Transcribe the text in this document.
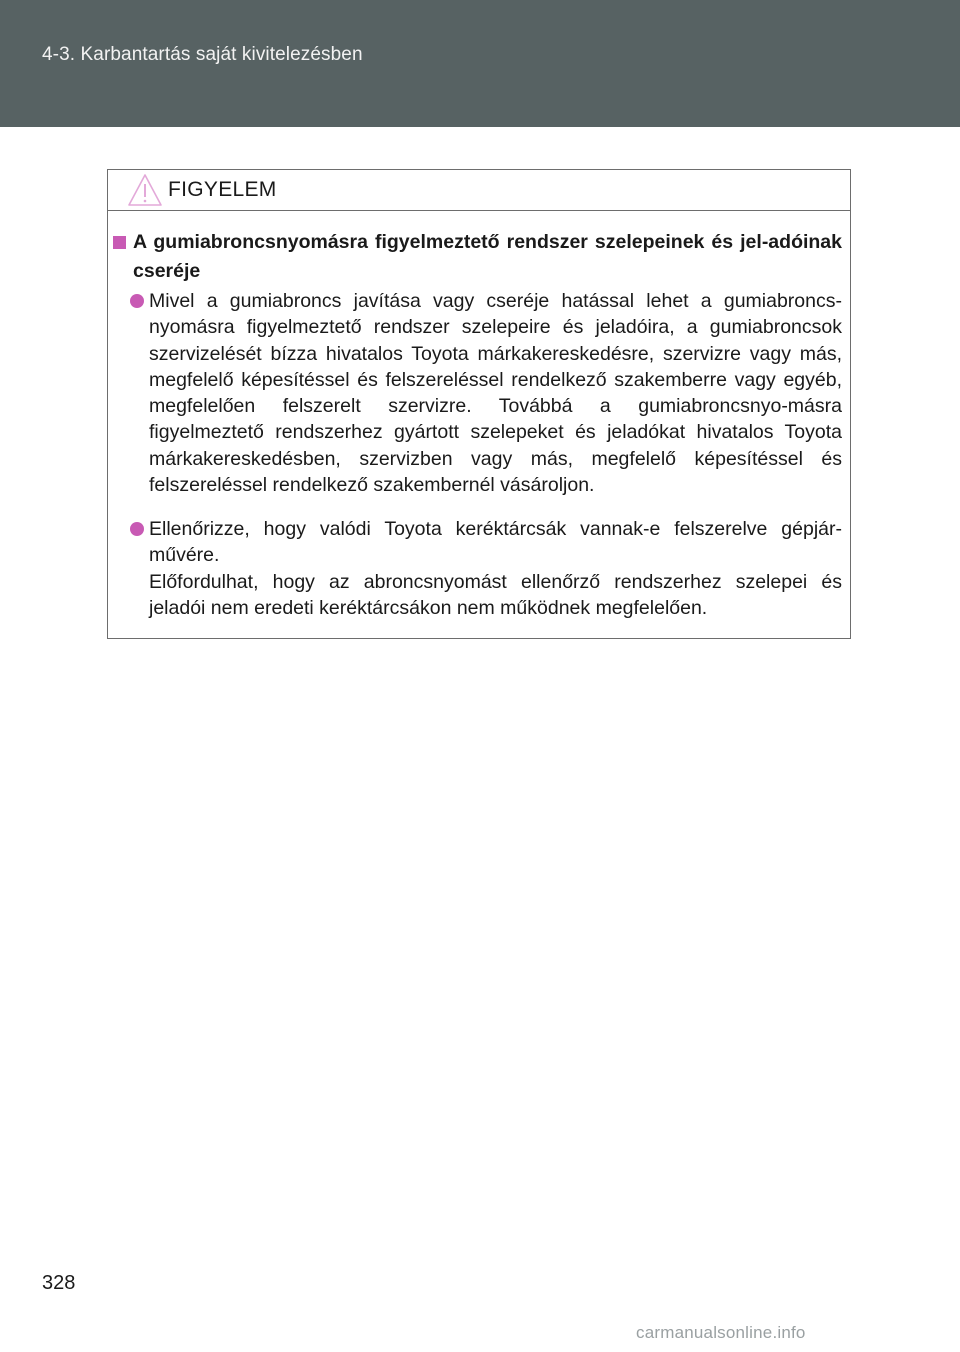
4-3. Karbantartás saját kivitelezésben
FIGYELEM
A gumiabroncsnyomásra figyelmeztető rendszer szelepeinek és jel-adóinak cseréje
Mivel a gumiabroncs javítása vagy cseréje hatással lehet a gumiabroncs-nyomásra figyelmeztető rendszer szelepeire és jeladóira, a gumiabroncsok szervizelését bízza hivatalos Toyota márkakereskedésre, szervizre vagy más, megfelelő képesítéssel és felszereléssel rendelkező szakemberre vagy egyéb, megfelelően felszerelt szervizre. Továbbá a gumiabroncsnyo-másra figyelmeztető rendszerhez gyártott szelepeket és jeladókat hivatalos Toyota márkakereskedésben, szervizben vagy más, megfelelő képesítéssel és felszereléssel rendelkező szakembernél vásároljon.
Ellenőrizze, hogy valódi Toyota keréktárcsák vannak-e felszerelve gépjár-művére.
Előfordulhat, hogy az abroncsnyomást ellenőrző rendszerhez szelepei és jeladói nem eredeti keréktárcsákon nem működnek megfelelően.
328
carmanualsonline.info
